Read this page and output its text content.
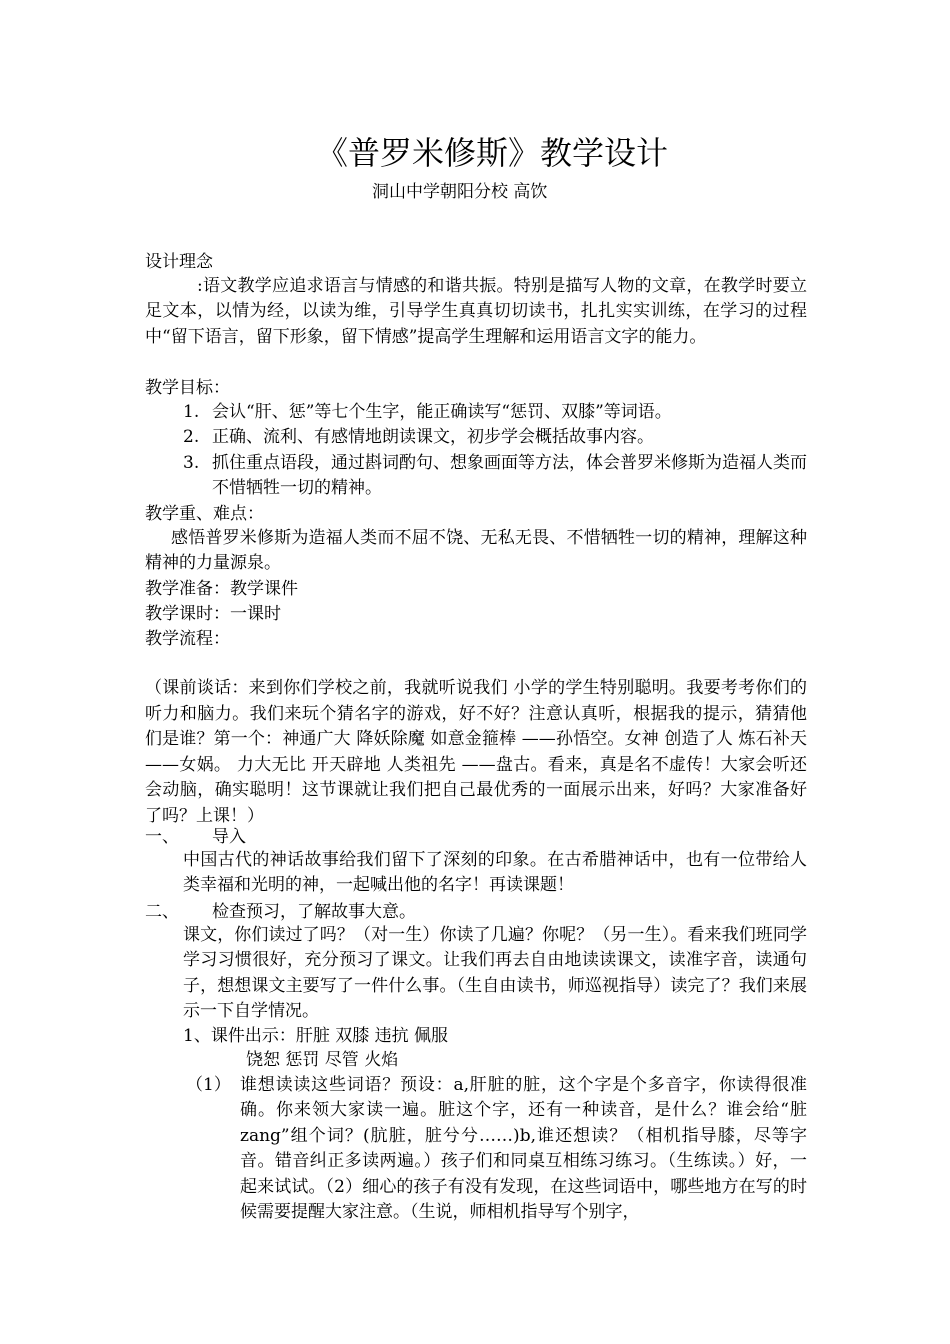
《普罗米修斯》教学设计
洞山中学朝阳分校 高饮
设计理念
:语文教学应追求语言与情感的和谐共振。特别是描写人物的文章，在教学时要立足文本，以情为经，以读为维，引导学生真真切切读书，扎扎实实训练，在学习的过程中“留下语言，留下形象，留下情感”提高学生理解和运用语言文字的能力。
教学目标：
1. 会认“肝、惩”等七个生字，能正确读写“惩罚、双膝”等词语。
2. 正确、流利、有感情地朗读课文，初步学会概括故事内容。
3. 抓住重点语段，通过斟词酌句、想象画面等方法，体会普罗米修斯为造福人类而不惜牺牲一切的精神。
教学重、难点：
感悟普罗米修斯为造福人类而不屈不饶、无私无畏、不惜牺牲一切的精神，理解这种精神的力量源泉。
教学准备：教学课件
教学课时：一课时
教学流程：
（课前谈话：来到你们学校之前，我就听说我们 小学的学生特别聪明。我要考考你们的听力和脑力。我们来玩个猜名字的游戏，好不好？注意认真听，根据我的提示，猜猜他们是谁？第一个：神通广大 降妖除魔 如意金箍棒 ——孙悟空。女神 创造了人 炼石补天——女娲。 力大无比 开天辟地 人类祖先 ——盘古。看来，真是名不虚传！大家会听还会动脑，确实聪明！这节课就让我们把自己最优秀的一面展示出来，好吗？大家准备好了吗？上课！）
一、 导入
中国古代的神话故事给我们留下了深刻的印象。在古希腊神话中，也有一位带给人类幸福和光明的神，一起喊出他的名字！再读课题！
二、 检查预习，了解故事大意。
课文，你们读过了吗？（对一生）你读了几遍？你呢？（另一生）。看来我们班同学学习习惯很好，充分预习了课文。让我们再去自由地读读课文，读准字音，读通句子，想想课文主要写了一件什么事。（生自由读书，师巡视指导）读完了？我们来展示一下自学情况。
1、课件出示：肝脏 双膝 违抗 佩服
饶恕 惩罚 尽管 火焰
（1） 谁想读读这些词语？预设：a,肝脏的脏，这个字是个多音字，你读得很准确。你来领大家读一遍。脏这个字，还有一种读音，是什么？谁会给“脏 zang”组个词？(肮脏，脏兮兮……)b,谁还想读？（相机指导膝，尽等字音。错音纠正多读两遍。）孩子们和同桌互相练习练习。（生练读。）好，一起来试试。（2）细心的孩子有没有发现，在这些词语中，哪些地方在写的时候需要提醒大家注意。（生说，师相机指导写个别字，
